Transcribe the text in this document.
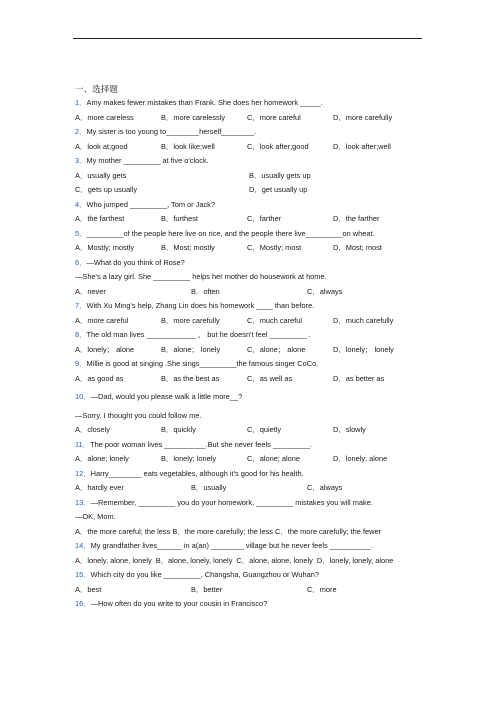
一、选择题
1．Amy makes fewer mistakes than Frank. She does her homework _____.
A．more careless	B．more carelessly	C．more careful	D．more carefully
2．My sister is too young to________herself________.
A．look at;good	B．look like;well	C．look after;good	D．look after;well
3．My mother _________ at five o'clock.
A．usually gets	B．usually gets up
C．gets up usually	D．get usually up
4．Who jumped _________, Tom or Jack?
A．the farthest	B．furthest	C．farther	D．the farther
5．_________of the people here live on rice, and the people there live_________on wheat.
A．Mostly; mostly	B．Most; mostly	C．Mostly; most	D．Most; most
6．—What do you think of Rose?
—She's a lazy girl. She _________ helps her mother do housework at home.
A．never	B．often	C．always
7．With Xu Ming's help, Zhang Lin does his homework ____ than before.
A．more careful	B．more carefully	C．much careful	D．much carefully
8．The old man lives ____________ ， but he doesn't feel _________ .
A．lonely； alone	B．alone； lonely	C．alone； alone	D．lonely； lonely
9．Millie is good at singing .She sings_________the famous singer CoCo.
A．as good as	B．as the best as	C．as well as	D．as better as
10．—Dad, would you please walk a little more__?
—Sorry. I thought you could follow me.
A．closely	B．quickly	C．quietly	D．slowly
11．The poor woman lives __________.But she never feels _________.
A．alone; lonely	B．lonely; lonely	C．alone; alone	D．lonely; alone
12．Harry________ eats vegetables, although it's good for his health.
A．hardly ever	B．usually	C．always
13．—Remember, _________ you do your homework, _________ mistakes you will make.
—OK, Mom.
A．the more careful; the less B．the more carefully; the less C．the more carefully; the fewer
14．My grandfather lives______ in a(an) ________ village but he never feels __________.
A．lonely, alone, lonely B．alone, lonely, lonely C．alone, alone, lonely D．lonely, lonely, alone
15．Which city do you like _________, Changsha, Guangzhou or Wuhan?
A．best	B．better	C．more
16．—How often do you write to your cousin in Francisco?
